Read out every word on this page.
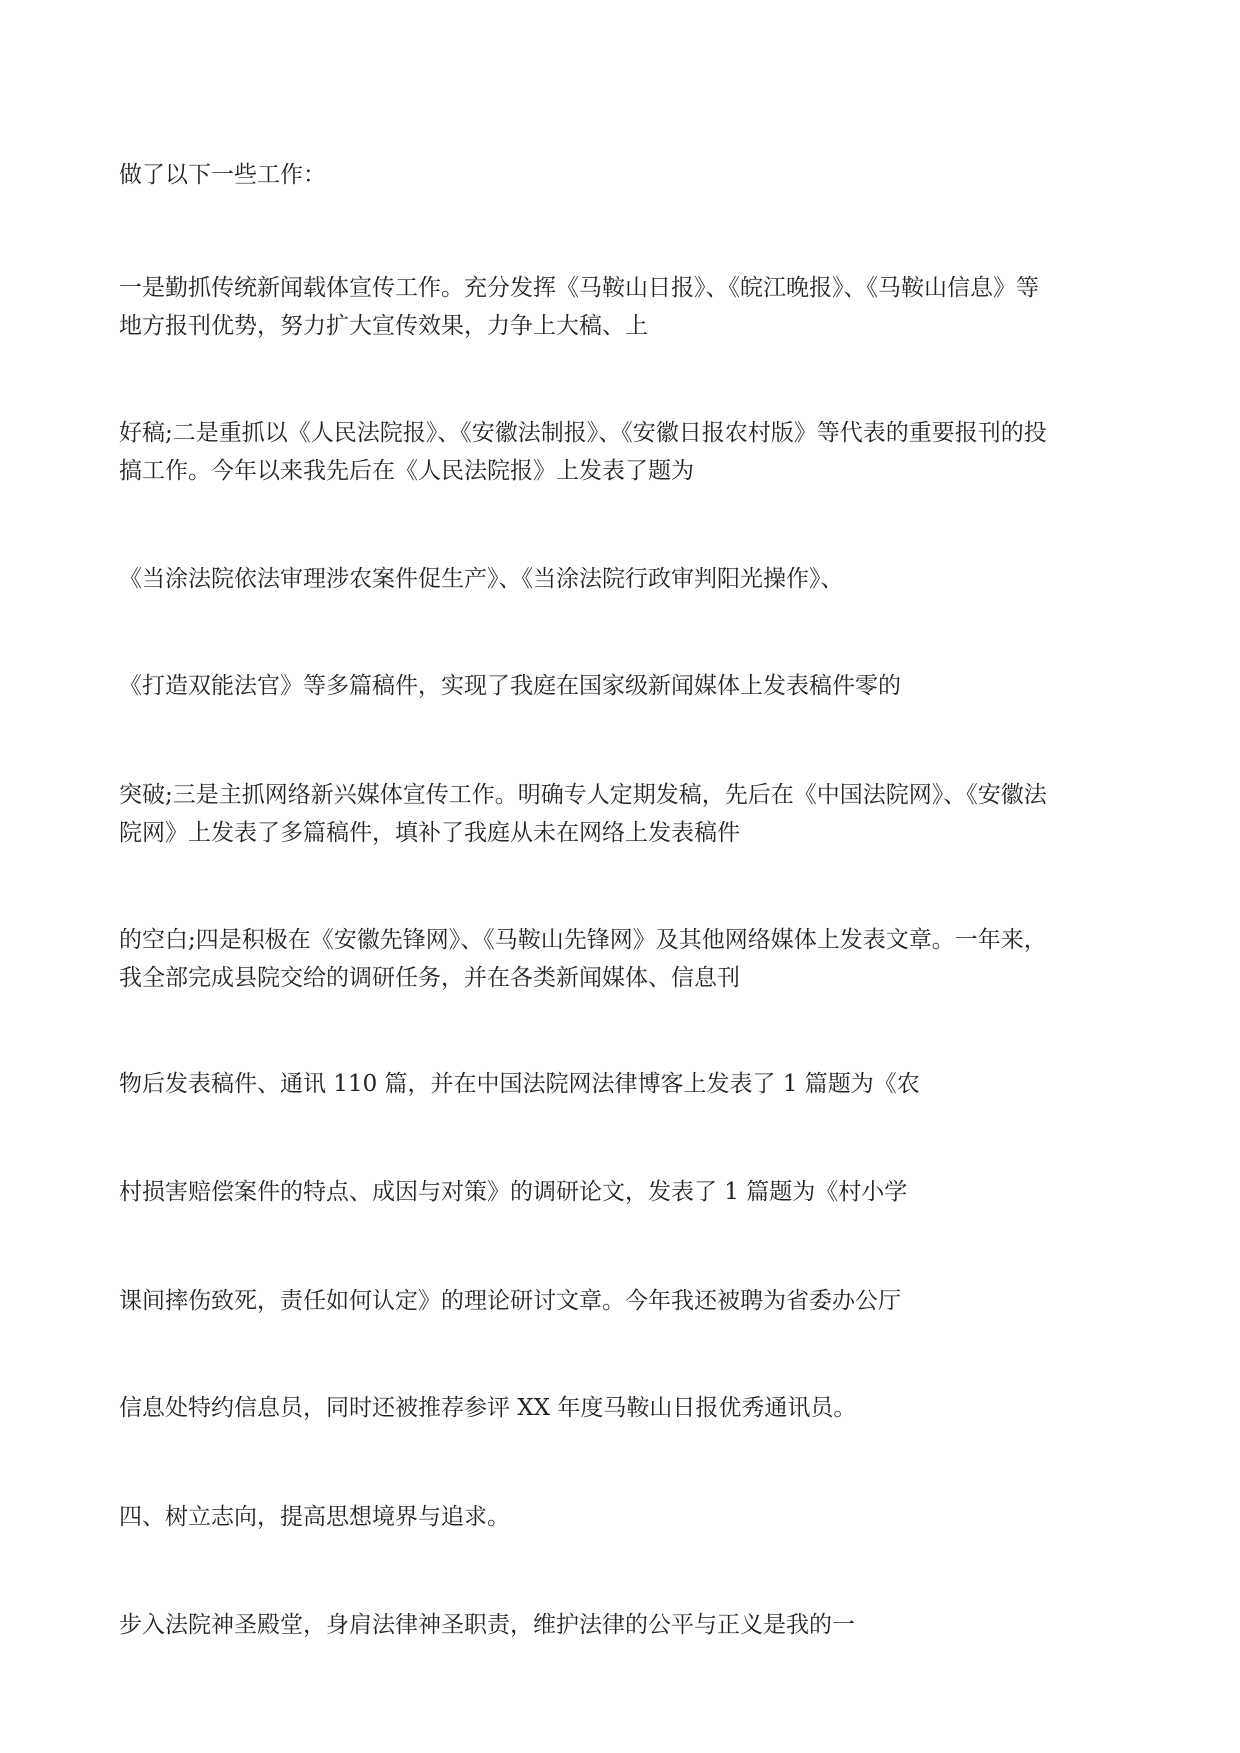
做了以下一些工作：

一是勤抓传统新闻载体宣传工作。充分发挥《马鞍山日报》、《皖江晚报》、《马鞍山信息》等
地方报刊优势，努力扩大宣传效果，力争上大稿、上

好稿;二是重抓以《人民法院报》、《安徽法制报》、《安徽日报农村版》等代表的重要报刊的投
搞工作。今年以来我先后在《人民法院报》上发表了题为

《当涂法院依法审理涉农案件促生产》、《当涂法院行政审判阳光操作》、

《打造双能法官》等多篇稿件，实现了我庭在国家级新闻媒体上发表稿件零的

突破;三是主抓网络新兴媒体宣传工作。明确专人定期发稿，先后在《中国法院网》、《安徽法
院网》上发表了多篇稿件，填补了我庭从未在网络上发表稿件

的空白;四是积极在《安徽先锋网》、《马鞍山先锋网》及其他网络媒体上发表文章。一年来，
我全部完成县院交给的调研任务，并在各类新闻媒体、信息刊

物后发表稿件、通讯 110 篇，并在中国法院网法律博客上发表了 1 篇题为《农

村损害赔偿案件的特点、成因与对策》的调研论文，发表了 1 篇题为《村小学

课间摔伤致死，责任如何认定》的理论研讨文章。今年我还被聘为省委办公厅

信息处特约信息员，同时还被推荐参评 XX 年度马鞍山日报优秀通讯员。

四、树立志向，提高思想境界与追求。

步入法院神圣殿堂，身肩法律神圣职责，维护法律的公平与正义是我的一
